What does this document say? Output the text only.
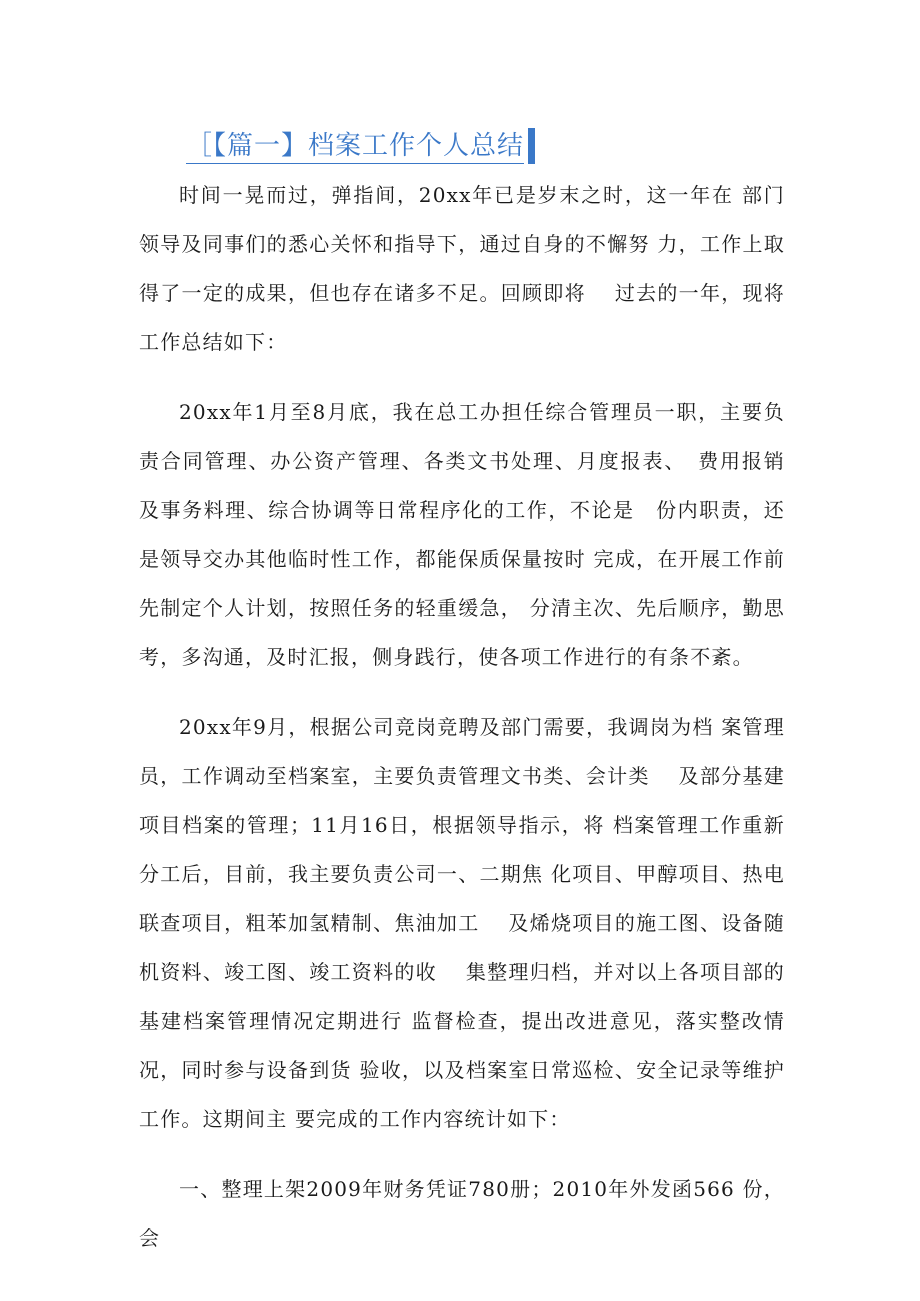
［【篇一】档案工作个人总结

时间一晃而过，弹指间，20xx年已是岁末之时，这一年在 部门领导及同事们的悉心关怀和指导下，通过自身的不懈努 力，工作上取得了一定的成果，但也存在诸多不足。回顾即将　 过去的一年，现将工作总结如下：

20xx年1月至8月底，我在总工办担任综合管理员一职，主要负责合同管理、办公资产管理、各类文书处理、月度报表、　费用报销及事务料理、综合协调等日常程序化的工作，不论是　份内职责，还是领导交办其他临时性工作，都能保质保量按时 完成，在开展工作前先制定个人计划，按照任务的轻重缓急， 分清主次、先后顺序，勤思考，多沟通，及时汇报，侧身践行，使各项工作进行的有条不紊。

20xx年9月，根据公司竞岗竞聘及部门需要，我调岗为档 案管理员，工作调动至档案室，主要负责管理文书类、会计类　 及部分基建项目档案的管理；11月16日，根据领导指示，将 档案管理工作重新分工后，目前，我主要负责公司一、二期焦 化项目、甲醇项目、热电联查项目，粗苯加氢精制、焦油加工　 及烯烧项目的施工图、设备随机资料、竣工图、竣工资料的收　 集整理归档，并对以上各项目部的基建档案管理情况定期进行 监督检查，提出改进意见，落实整改情况，同时参与设备到货 验收，以及档案室日常巡检、安全记录等维护工作。这期间主 要完成的工作内容统计如下：

一、整理上架2009年财务凭证780册；2010年外发函566 份，会
